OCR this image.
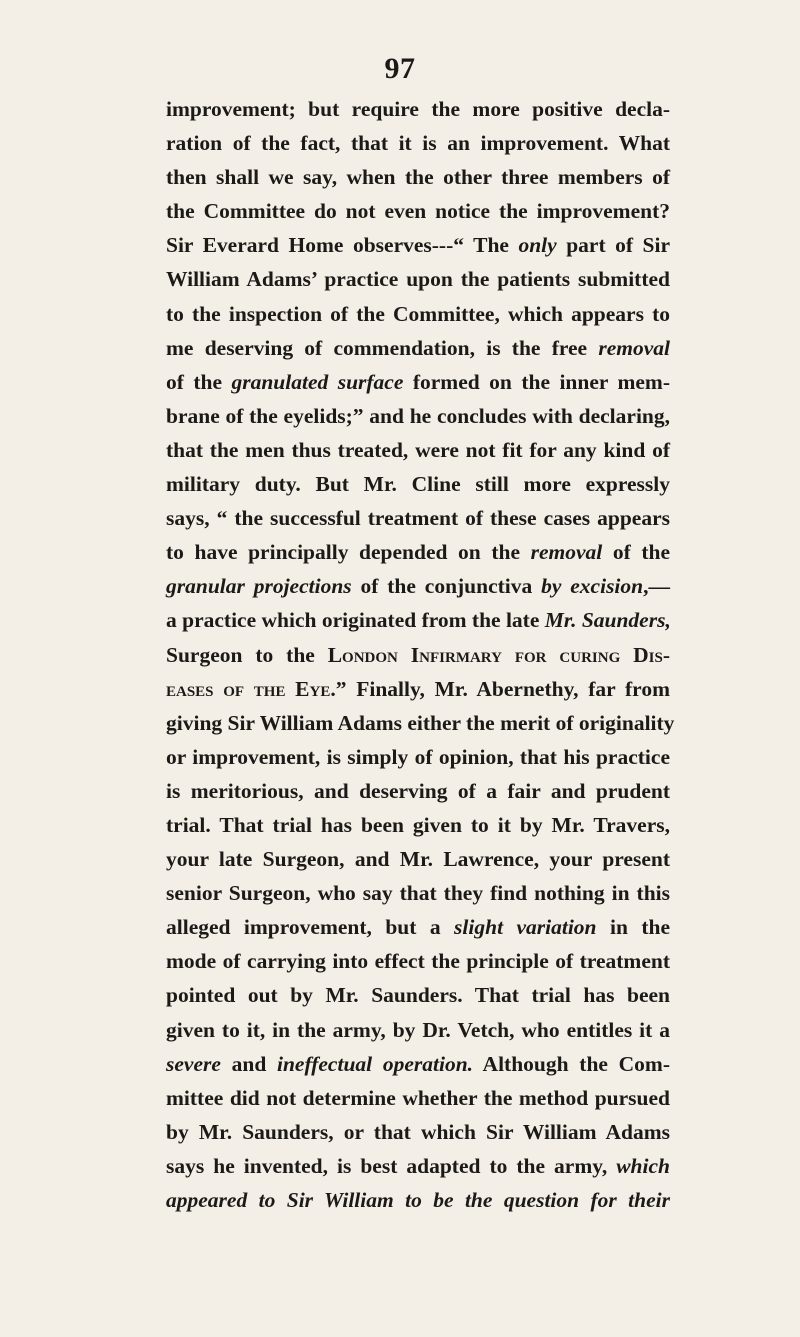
97
improvement; but require the more positive decla-
ration of the fact, that it is an improvement. What
then shall we say, when the other three members of
the Committee do not even notice the improvement?
Sir Everard Home observes---“ The only part of Sir
William Adams’ practice upon the patients submitted
to the inspection of the Committee, which appears to
me deserving of commendation, is the free removal
of the granulated surface formed on the inner mem-
brane of the eyelids;” and he concludes with declaring,
that the men thus treated, were not fit for any kind of
military duty. But Mr. Cline still more expressly
says, “ the successful treatment of these cases appears
to have principally depended on the removal of the
granular projections of the conjunctiva by excision,—
a practice which originated from the late Mr. Saunders,
Surgeon to the London Infirmary for curing Dis-
eases of the Eye.” Finally, Mr. Abernethy, far from
giving Sir William Adams either the merit of originality
or improvement, is simply of opinion, that his practice
is meritorious, and deserving of a fair and prudent
trial. That trial has been given to it by Mr. Travers,
your late Surgeon, and Mr. Lawrence, your present
senior Surgeon, who say that they find nothing in this
alleged improvement, but a slight variation in the
mode of carrying into effect the principle of treatment
pointed out by Mr. Saunders. That trial has been
given to it, in the army, by Dr. Vetch, who entitles it a
severe and ineffectual operation. Although the Com-
mittee did not determine whether the method pursued
by Mr. Saunders, or that which Sir William Adams
says he invented, is best adapted to the army, which
appeared to Sir William to be the question for their
